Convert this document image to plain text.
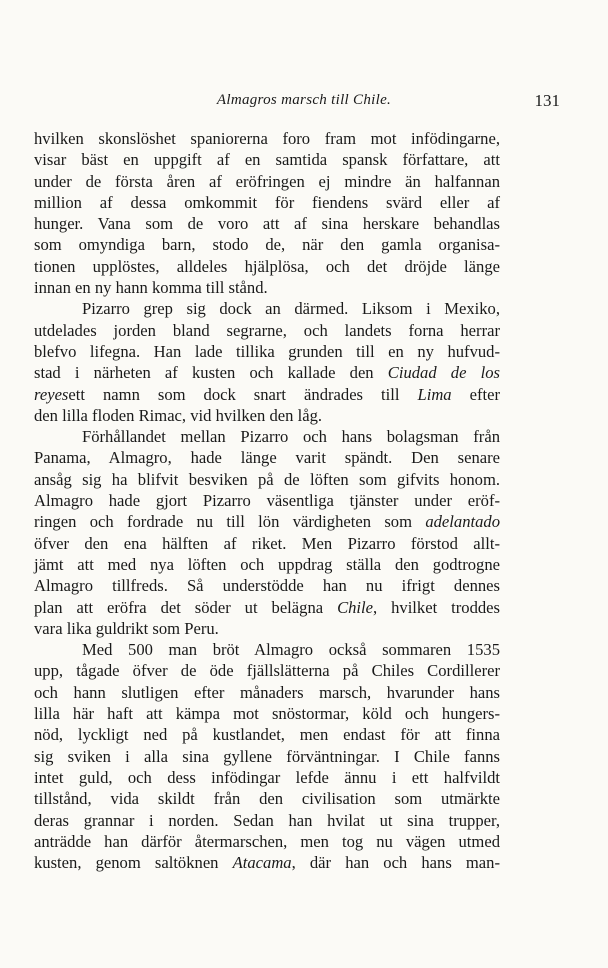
Almagros marsch till Chile.	131

hvilken skonslöshet spaniorerna foro fram mot infödingarne,
visar bäst en uppgift af en samtida spansk författare, att
under de första åren af eröfringen ej mindre än halfannan
million af dessa omkommit för fiendens svärd eller af
hunger. Vana som de voro att af sina herskare behandlas
som omyndiga barn, stodo de, när den gamla organisa-
tionen upplöstes, alldeles hjälplösa, och det dröjde länge
innan en ny hann komma till stånd.

Pizarro grep sig dock an därmed. Liksom i Mexiko,
utdelades jorden bland segrarne, och landets forna herrar
blefvo lifegna. Han lade tillika grunden till en ny hufvud-
stad i närheten af kusten och kallade den Ciudad de los
reyesett namn som dock snart ändrades till Lima efter
den lilla floden Rimac, vid hvilken den låg.

Förhållandet mellan Pizarro och hans bolagsman från
Panama, Almagro, hade länge varit spändt. Den senare
ansåg sig ha blifvit besviken på de löften som gifvits honom.
Almagro hade gjort Pizarro väsentliga tjänster under eröf-
ringen och fordrade nu till lön värdigheten som adelantado
öfver den ena hälften af riket. Men Pizarro förstod allt-
jämt att med nya löften och uppdrag ställa den godtrogne
Almagro tillfreds. Så understödde han nu ifrigt dennes
plan att eröfra det söder ut belägna Chile, hvilket troddes
vara lika guldrikt som Peru.

Med 500 man bröt Almagro också sommaren 1535
upp, tågade öfver de öde fjällslätterna på Chiles Cordillerer
och hann slutligen efter månaders marsch, hvarunder hans
lilla här haft att kämpa mot snöstormar, köld och hungers-
nöd, lyckligt ned på kustlandet, men endast för att finna
sig sviken i alla sina gyllene förväntningar. I Chile fanns
intet guld, och dess infödingar lefde ännu i ett halfvildt
tillstånd, vida skildt från den civilisation som utmärkte
deras grannar i norden. Sedan han hvilat ut sina trupper,
anträdde han därför återmarschen, men tog nu vägen utmed
kusten, genom saltöknen Atacama, där han och hans man-
